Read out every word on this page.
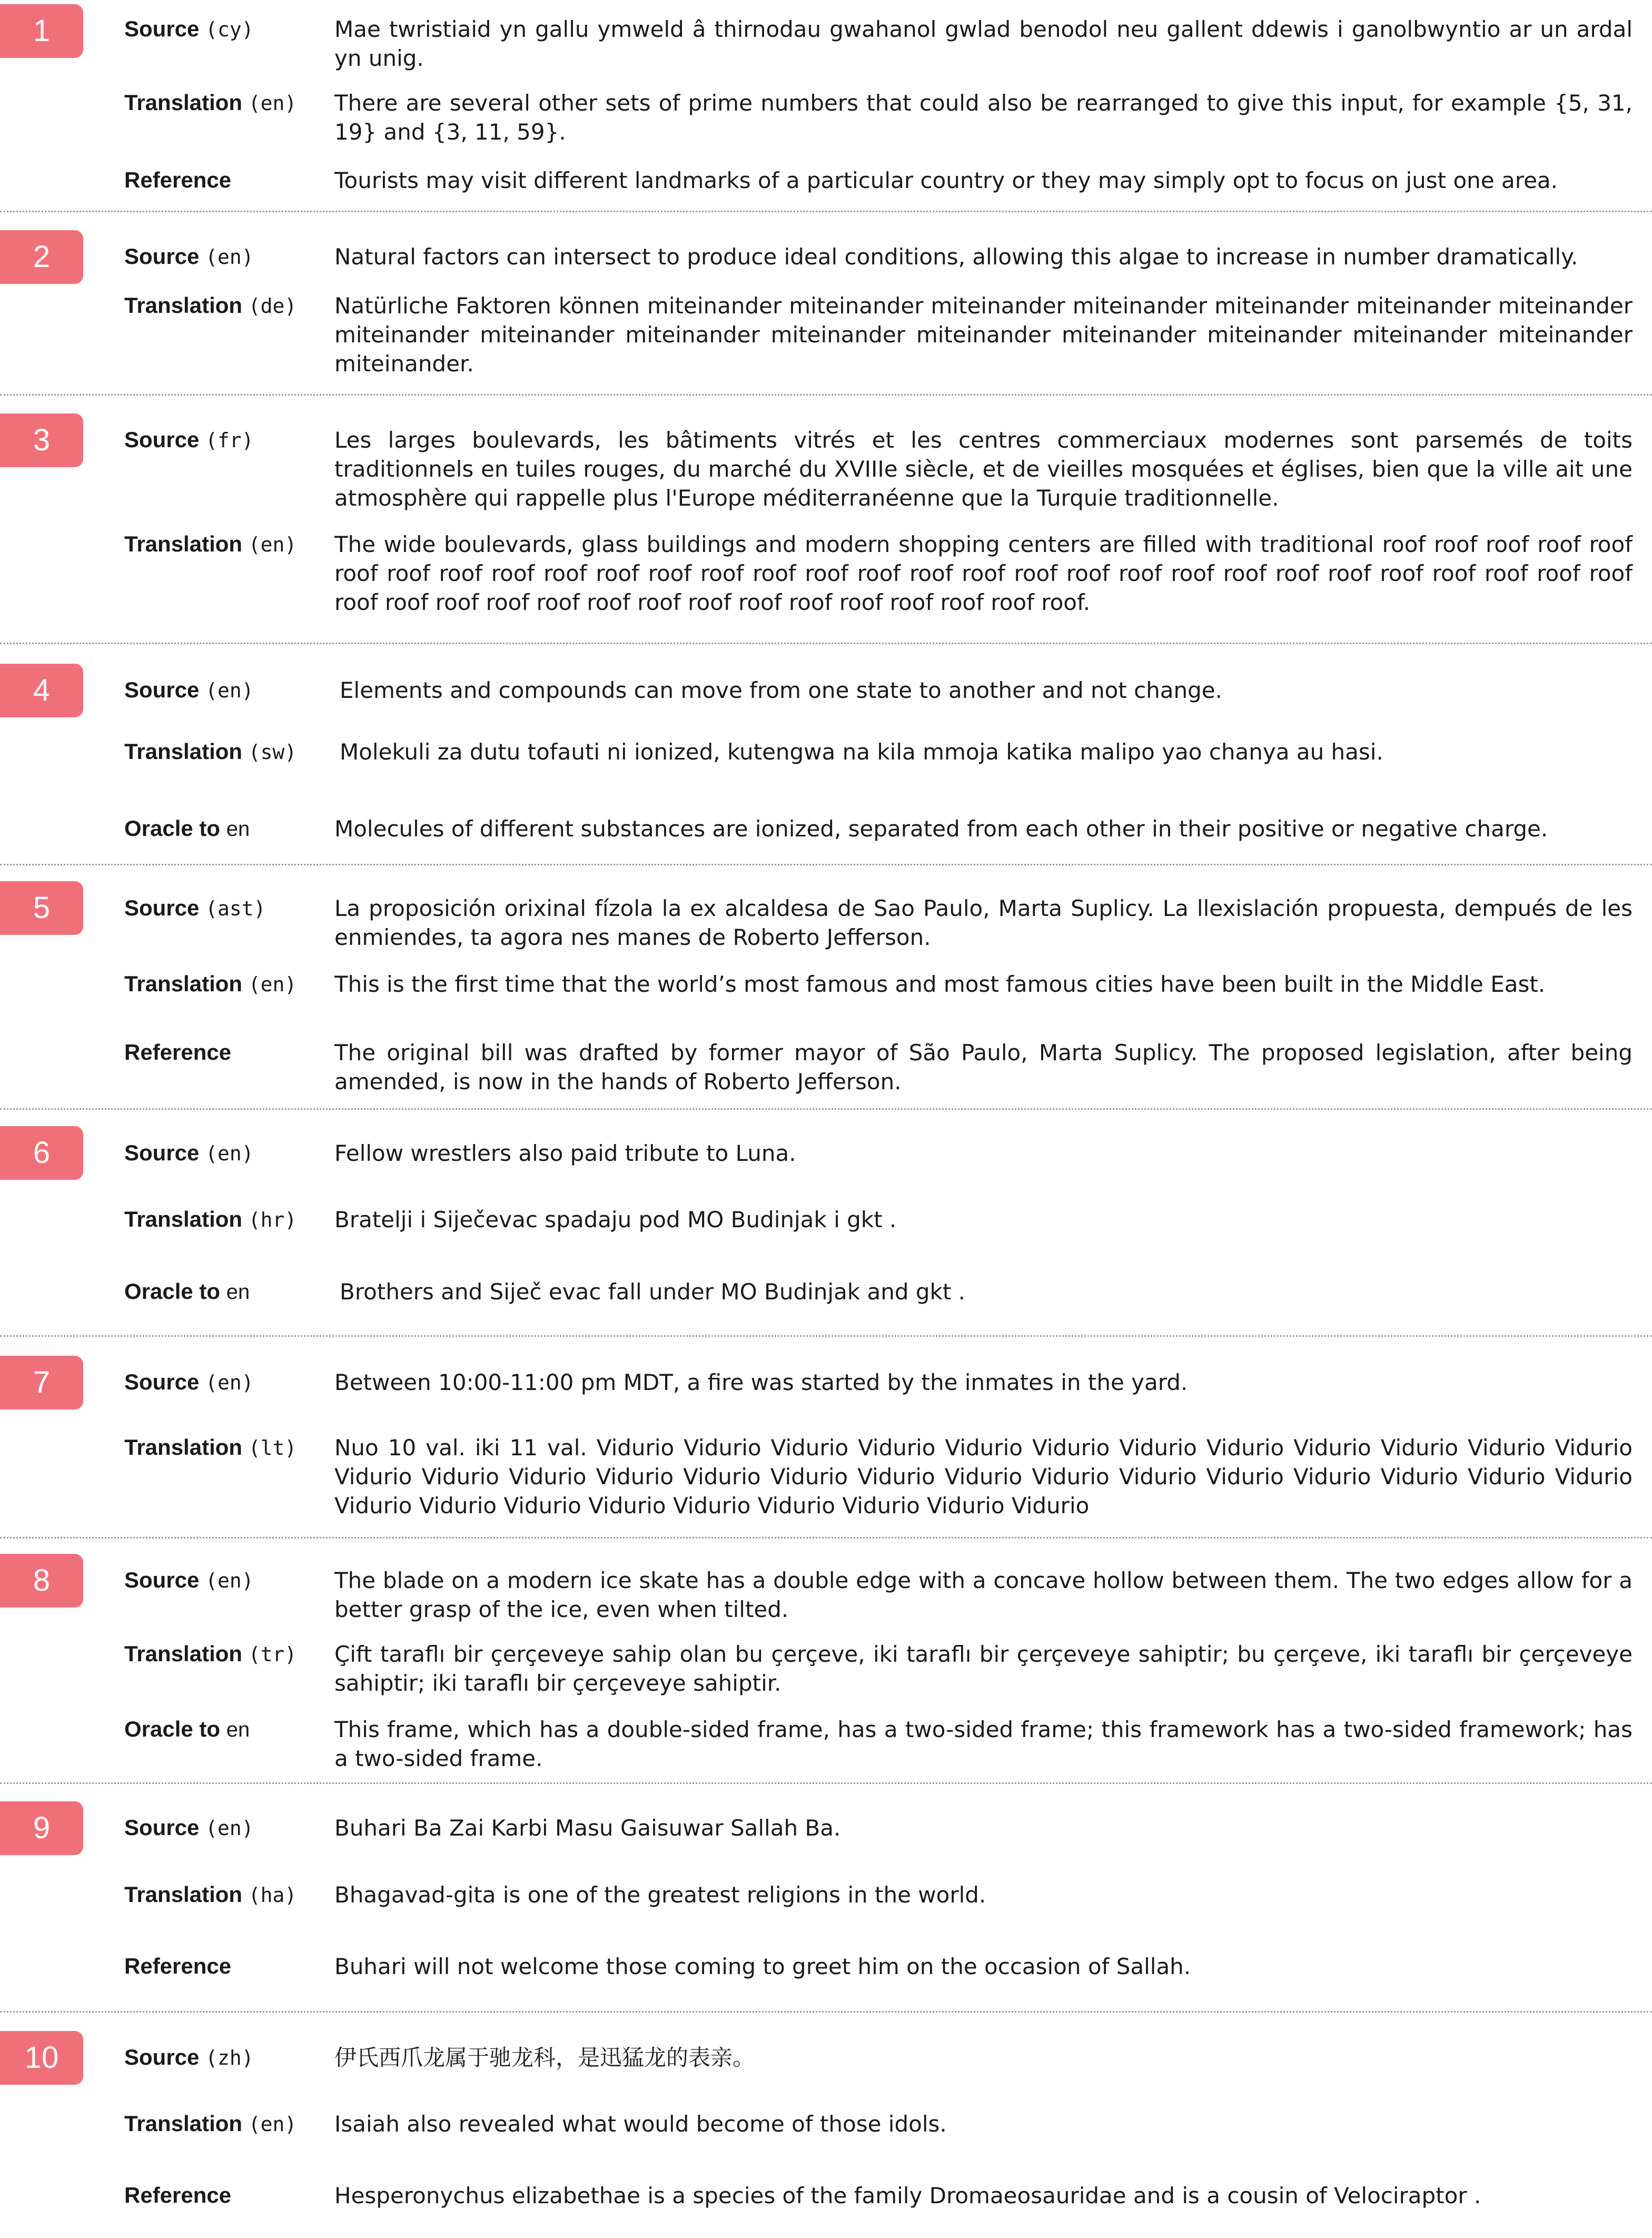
1	Source (cy)	Mae twristiaid yn gallu ymweld â thirnodau gwahanol gwlad benodol neu gallent ddewis i ganolbwyntio ar un ardal yn unig.
Translation (en)	There are several other sets of prime numbers that could also be rearranged to give this input, for example {5, 31, 19} and {3, 11, 59}.
Reference	Tourists may visit different landmarks of a particular country or they may simply opt to focus on just one area.
2	Source (en)	Natural factors can intersect to produce ideal conditions, allowing this algae to increase in number dramatically.
Translation (de)	Natürliche Faktoren können miteinander miteinander miteinander miteinander miteinander miteinander miteinander miteinander miteinander miteinander miteinander miteinander miteinander miteinander miteinander miteinander miteinander.
3	Source (fr)	Les larges boulevards, les bâtiments vitrés et les centres commerciaux modernes sont parsemés de toits traditionnels en tuiles rouges, du marché du XVIIIe siècle, et de vieilles mosquées et églises, bien que la ville ait une atmosphère qui rappelle plus l'Europe méditerranéenne que la Turquie traditionnelle.
Translation (en)	The wide boulevards, glass buildings and modern shopping centers are filled with traditional roof roof roof roof roof roof roof roof roof roof roof roof roof roof roof roof roof roof roof roof roof roof roof roof roof roof roof roof roof roof roof roof roof roof roof roof roof roof roof roof roof roof roof roof roof.
4	Source (en)	Elements and compounds can move from one state to another and not change.
Translation (sw)	Molekuli za dutu tofauti ni ionized, kutengwa na kila mmoja katika malipo yao chanya au hasi.
Oracle to en	Molecules of different substances are ionized, separated from each other in their positive or negative charge.
5	Source (ast)	La proposición orixinal fízola la ex alcaldesa de Sao Paulo, Marta Suplicy. La llexislación propuesta, dempués de les enmiendes, ta agora nes manes de Roberto Jefferson.
Translation (en)	This is the first time that the world’s most famous and most famous cities have been built in the Middle East.
Reference	The original bill was drafted by former mayor of São Paulo, Marta Suplicy. The proposed legislation, after being amended, is now in the hands of Roberto Jefferson.
6	Source (en)	Fellow wrestlers also paid tribute to Luna.
Translation (hr)	Bratelji i Siječevac spadaju pod MO Budinjak i gkt .
Oracle to en	Brothers and Siječ evac fall under MO Budinjak and gkt .
7	Source (en)	Between 10:00-11:00 pm MDT, a fire was started by the inmates in the yard.
Translation (lt)	Nuo 10 val. iki 11 val. Vidurio Vidurio Vidurio Vidurio Vidurio Vidurio Vidurio Vidurio Vidurio Vidurio Vidurio Vidurio Vidurio Vidurio Vidurio Vidurio Vidurio Vidurio Vidurio Vidurio Vidurio Vidurio Vidurio Vidurio Vidurio Vidurio Vidurio Vidurio Vidurio Vidurio Vidurio Vidurio Vidurio Vidurio Vidurio Vidurio
8	Source (en)	The blade on a modern ice skate has a double edge with a concave hollow between them. The two edges allow for a better grasp of the ice, even when tilted.
Translation (tr)	Çift taraflı bir çerçeveye sahip olan bu çerçeve, iki taraflı bir çerçeveye sahiptir; bu çerçeve, iki taraflı bir çerçeveye sahiptir; iki taraflı bir çerçeveye sahiptir.
Oracle to en	This frame, which has a double-sided frame, has a two-sided frame; this framework has a two-sided framework; has a two-sided frame.
9	Source (en)	Buhari Ba Zai Karbi Masu Gaisuwar Sallah Ba.
Translation (ha)	Bhagavad-gita is one of the greatest religions in the world.
Reference	Buhari will not welcome those coming to greet him on the occasion of Sallah.
10	Source (zh)	伊氏西爪龙属于驰龙科，是迅猛龙的表亲。
Translation (en)	Isaiah also revealed what would become of those idols.
Reference	Hesperonychus elizabethae is a species of the family Dromaeosauridae and is a cousin of Velociraptor .
